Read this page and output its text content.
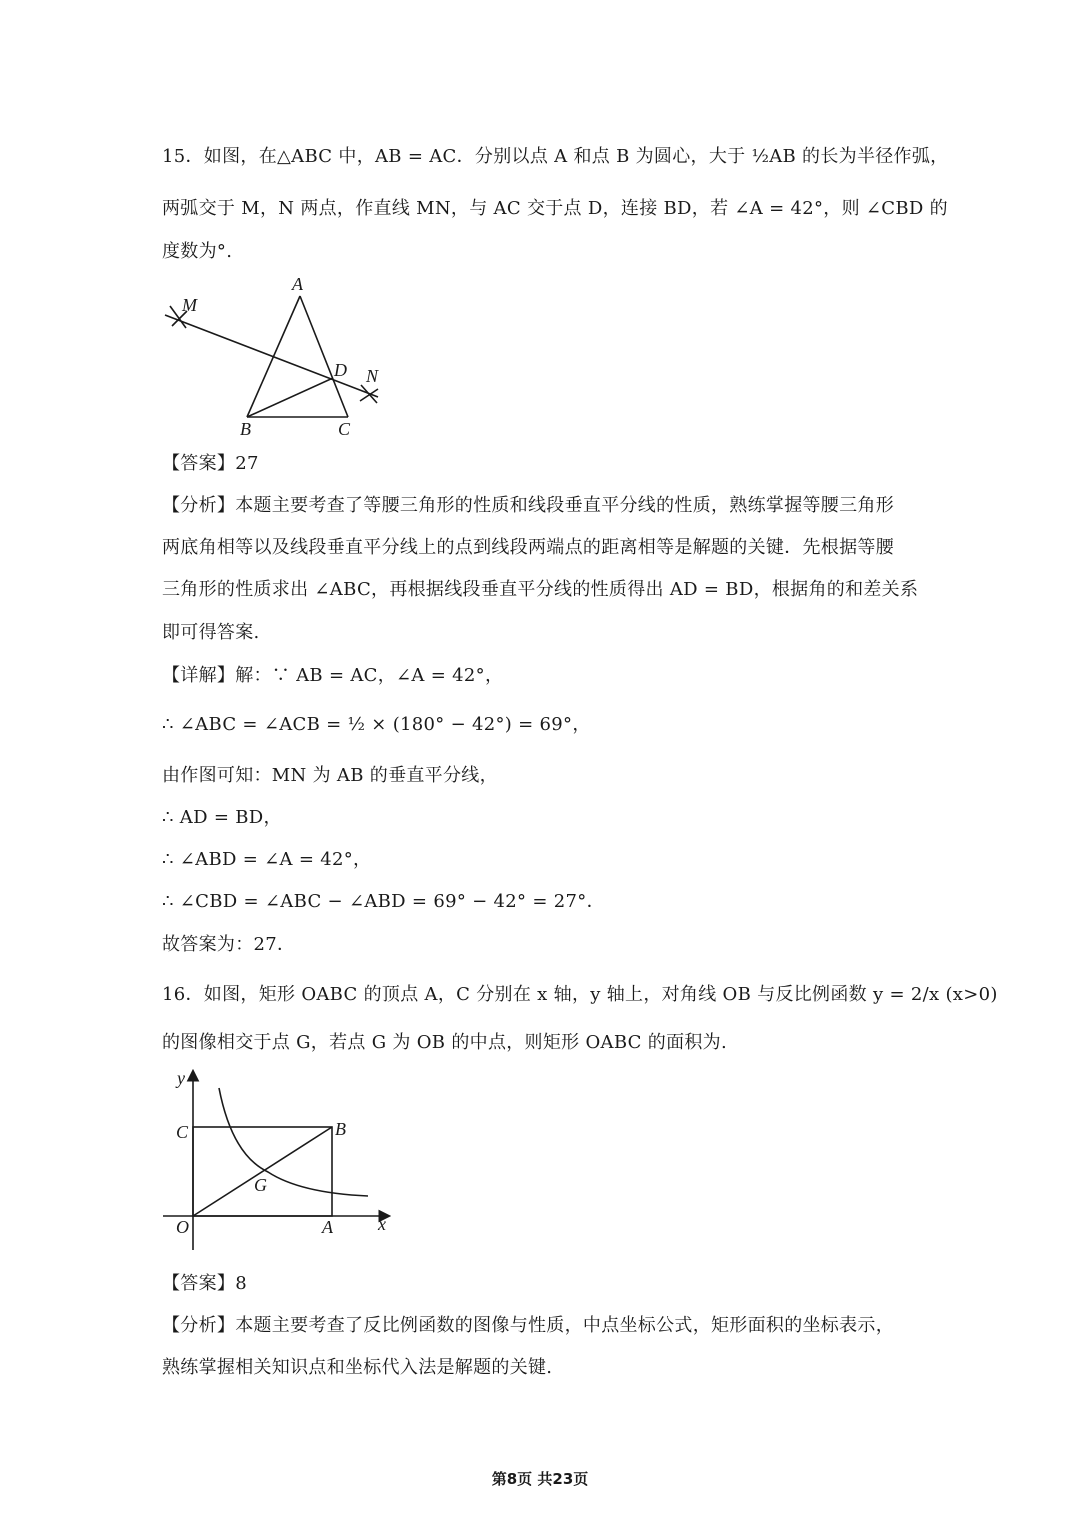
15．如图，在△ABC 中，AB = AC．分别以点 A 和点 B 为圆心，大于 ½AB 的长为半径作弧，
两弧交于 M，N 两点，作直线 MN，与 AC 交于点 D，连接 BD，若 ∠A = 42°，则 ∠CBD 的
度数为°.
A
M
D N
B	C
【答案】27
【分析】本题主要考查了等腰三角形的性质和线段垂直平分线的性质，熟练掌握等腰三角形
两底角相等以及线段垂直平分线上的点到线段两端点的距离相等是解题的关键．先根据等腰
三角形的性质求出 ∠ABC，再根据线段垂直平分线的性质得出 AD = BD，根据角的和差关系
即可得答案.
【详解】解：∵ AB = AC，∠A = 42°，
∴ ∠ABC = ∠ACB = ½ × (180° − 42°) = 69°，
由作图可知：MN 为 AB 的垂直平分线，
∴ AD = BD，
∴ ∠ABD = ∠A = 42°，
∴ ∠CBD = ∠ABC − ∠ABD = 69° − 42° = 27°．
故答案为：27．
16．如图，矩形 OABC 的顶点 A，C 分别在 x 轴，y 轴上，对角线 OB 与反比例函数 y = 2/x (x>0)
的图像相交于点 G，若点 G 为 OB 的中点，则矩形 OABC 的面积为.
y
C	B
G
O	A	x
【答案】8
【分析】本题主要考查了反比例函数的图像与性质，中点坐标公式，矩形面积的坐标表示，
熟练掌握相关知识点和坐标代入法是解题的关键.
第8页 共23页
